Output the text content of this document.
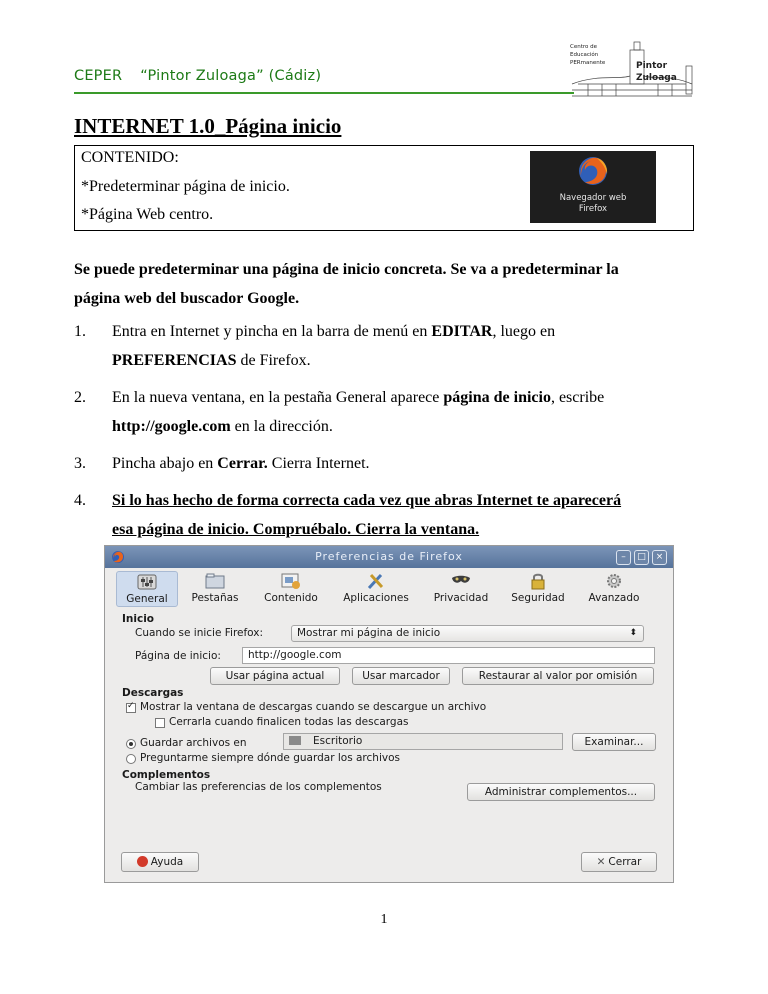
CEPER “Pintor Zuloaga” (Cádiz)
Centro de
Educación
PERmanente	Pintor
Zuloaga
INTERNET 1.0_Página inicio
CONTENIDO:
*Predeterminar página de inicio.
*Página Web centro.
Navegador web
Firefox
Se puede predeterminar una página de inicio concreta. Se va a predeterminar la
página web del buscador Google.
1. Entra en Internet y pincha en la barra de menú en EDITAR, luego en
PREFERENCIAS de Firefox.
2. En la nueva ventana, en la pestaña General aparece página de inicio, escribe
http://google.com en la dirección.
3. Pincha abajo en Cerrar. Cierra Internet.
4. Si lo has hecho de forma correcta cada vez que abras Internet te aparecerá
esa página de inicio. Compruébalo. Cierra la ventana.
Preferencias de Firefox	–	□	×
General	Pestañas	Contenido	Aplicaciones	Privacidad	Seguridad	Avanzado
Inicio
Cuando se iniciе Firefox:	Mostrar mi página de inicio	⬍
Página de inicio:	http://google.com
Usar página actual	Usar marcador	Restaurar al valor por omisión
Descargas
✓ Mostrar la ventana de descargas cuando se descargue un archivo
Cerrarla cuando finalicen todas las descargas
Guardar archivos en	Escritorio	Examinar...
Preguntarme siempre dónde guardar los archivos
Complementos
Cambiar las preferencias de los complementos	Administrar complementos...
Ayuda	✕ Cerrar
1
